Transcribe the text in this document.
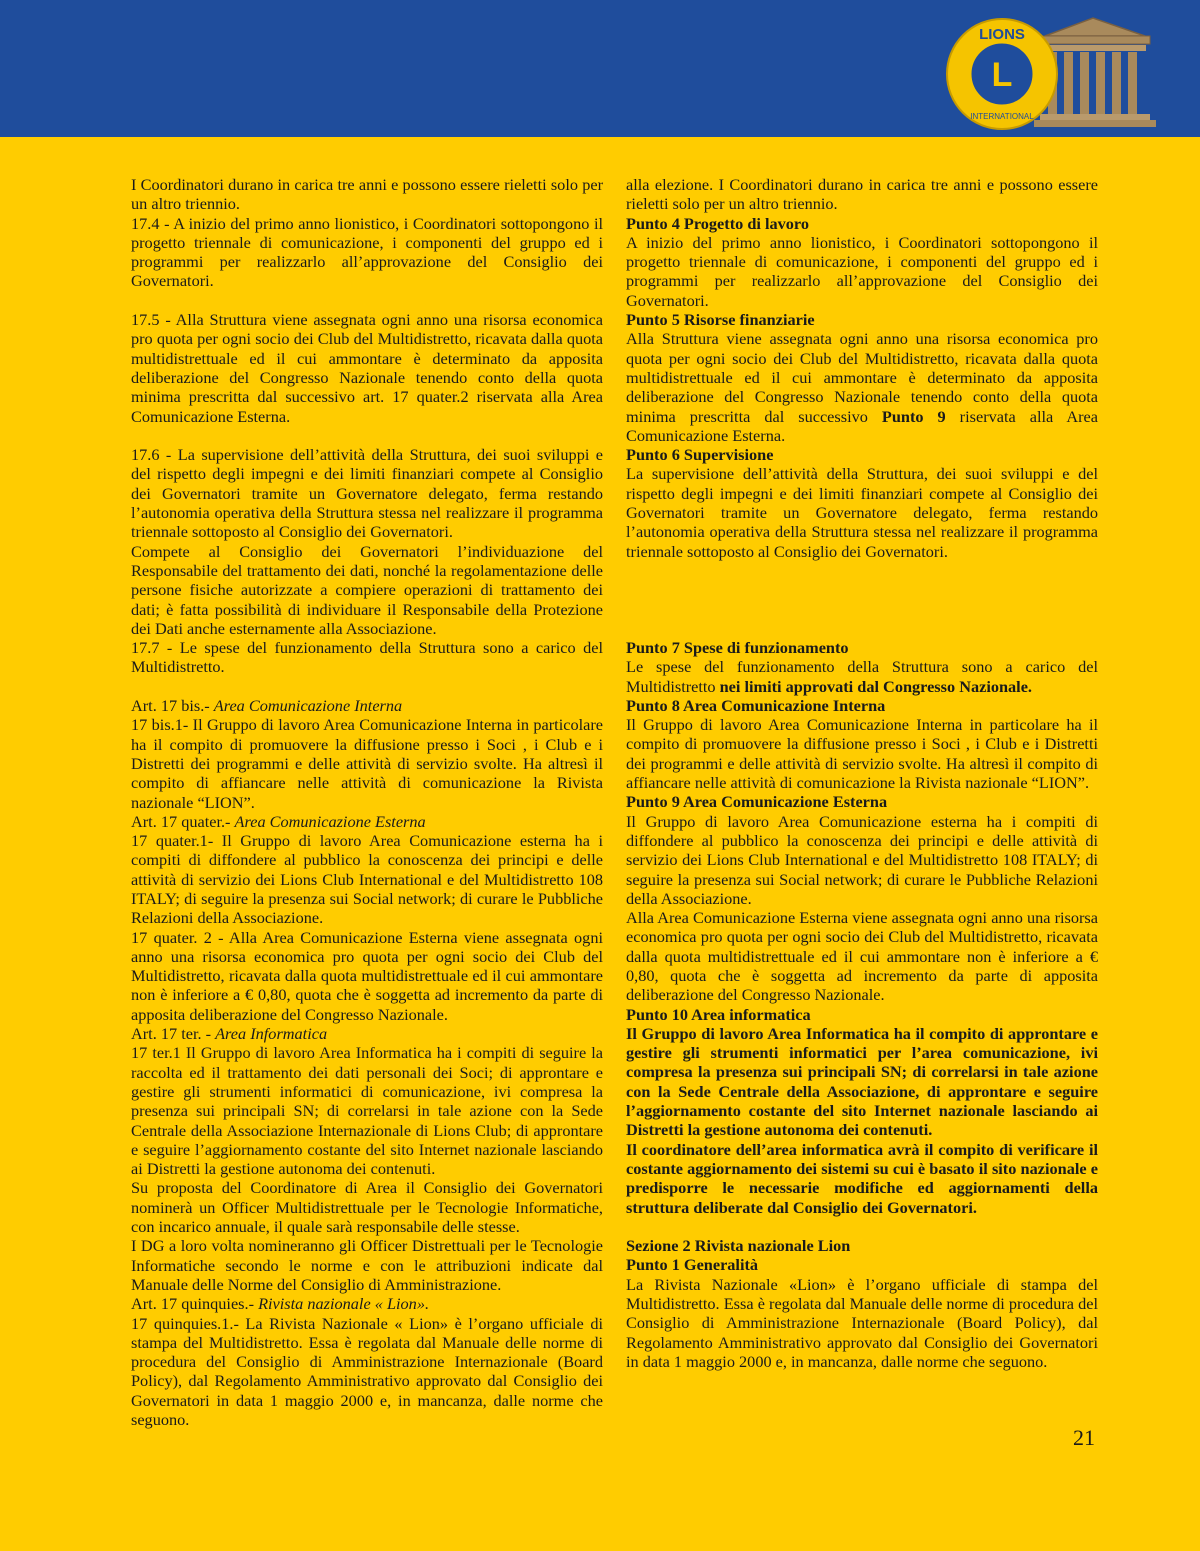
L
LIONS
INTERNATIONAL

I Coordinatori durano in carica tre anni e possono essere rieletti solo per un altro triennio.

17.4 - A inizio del primo anno lionistico, i Coordinatori sottopongono il progetto triennale di comunicazione, i componenti del gruppo ed i programmi per realizzarlo all’approvazione del Consiglio dei Governatori.

17.5 - Alla Struttura viene assegnata ogni anno una risorsa economica pro quota per ogni socio dei Club del Multidistretto, ricavata dalla quota multidistrettuale ed il cui ammontare è determinato da apposita deliberazione del Congresso Nazionale tenendo conto della quota minima prescritta dal successivo art. 17 quater.2 riservata alla Area Comunicazione Esterna.

17.6 - La supervisione dell’attività della Struttura, dei suoi sviluppi e del rispetto degli impegni e dei limiti finanziari compete al Consiglio dei Governatori tramite un Governatore delegato, ferma restando l’autonomia operativa della Struttura stessa nel realizzare il programma triennale sottoposto al Consiglio dei Governatori.

Compete al Consiglio dei Governatori l’individuazione del Responsabile del trattamento dei dati, nonché la regolamentazione delle persone fisiche autorizzate a compiere operazioni di trattamento dei dati; è fatta possibilità di individuare il Responsabile della Protezione dei Dati anche esternamente alla Associazione.

17.7 - Le spese del funzionamento della Struttura sono a carico del Multidistretto.

Art. 17 bis.- Area Comunicazione Interna

17 bis.1- Il Gruppo di lavoro Area Comunicazione Interna in particolare ha il compito di promuovere la diffusione presso i Soci , i Club e i Distretti dei programmi e delle attività di servizio svolte. Ha altresì il compito di affiancare nelle attività di comunicazione la Rivista nazionale “LION”.

Art. 17 quater.- Area Comunicazione Esterna

17 quater.1- Il Gruppo di lavoro Area Comunicazione esterna ha i compiti di diffondere al pubblico la conoscenza dei principi e delle attività di servizio dei Lions Club International e del Multidistretto 108 ITALY; di seguire la presenza sui Social network; di curare le Pubbliche Relazioni della Associazione.

17 quater. 2 - Alla Area Comunicazione Esterna viene assegnata ogni anno una risorsa economica pro quota per ogni socio dei Club del Multidistretto, ricavata dalla quota multidistrettuale ed il cui ammontare non è inferiore a € 0,80, quota che è soggetta ad incremento da parte di apposita deliberazione del Congresso Nazionale.

Art. 17 ter. - Area Informatica

17 ter.1 Il Gruppo di lavoro Area Informatica ha i compiti di seguire la raccolta ed il trattamento dei dati personali dei Soci; di approntare e gestire gli strumenti informatici di comunicazione, ivi compresa la presenza sui principali SN; di correlarsi in tale azione con la Sede Centrale della Associazione Internazionale di Lions Club; di approntare e seguire l’aggiornamento costante del sito Internet nazionale lasciando ai Distretti la gestione autonoma dei contenuti.

Su proposta del Coordinatore di Area il Consiglio dei Governatori nominerà un Officer Multidistrettuale per le Tecnologie Informatiche, con incarico annuale, il quale sarà responsabile delle stesse.

I DG a loro volta nomineranno gli Officer Distrettuali per le Tecnologie Informatiche secondo le norme e con le attribuzioni indicate dal Manuale delle Norme del Consiglio di Amministrazione.

Art. 17 quinquies.- Rivista nazionale « Lion».

17 quinquies.1.- La Rivista Nazionale « Lion» è l’organo ufficiale di stampa del Multidistretto. Essa è regolata dal Manuale delle norme di procedura del Consiglio di Amministrazione Internazionale (Board Policy), dal Regolamento Amministrativo approvato dal Consiglio dei Governatori in data 1 maggio 2000 e, in mancanza, dalle norme che seguono.

alla elezione. I Coordinatori durano in carica tre anni e possono essere rieletti solo per un altro triennio.

Punto 4 Progetto di lavoro

A inizio del primo anno lionistico, i Coordinatori sottopongono il progetto triennale di comunicazione, i componenti del gruppo ed i programmi per realizzarlo all’approvazione del Consiglio dei Governatori.

Punto 5 Risorse finanziarie

Alla Struttura viene assegnata ogni anno una risorsa economica pro quota per ogni socio dei Club del Multidistretto, ricavata dalla quota multidistrettuale ed il cui ammontare è determinato da apposita deliberazione del Congresso Nazionale tenendo conto della quota minima prescritta dal successivo Punto 9 riservata alla Area Comunicazione Esterna.

Punto 6 Supervisione

La supervisione dell’attività della Struttura, dei suoi sviluppi e del rispetto degli impegni e dei limiti finanziari compete al Consiglio dei Governatori tramite un Governatore delegato, ferma restando l’autonomia operativa della Struttura stessa nel realizzare il programma triennale sottoposto al Consiglio dei Governatori.

Punto 7 Spese di funzionamento

Le spese del funzionamento della Struttura sono a carico del Multidistretto nei limiti approvati dal Congresso Nazionale.

Punto 8 Area Comunicazione Interna

Il Gruppo di lavoro Area Comunicazione Interna in particolare ha il compito di promuovere la diffusione presso i Soci , i Club e i Distretti dei programmi e delle attività di servizio svolte. Ha altresì il compito di affiancare nelle attività di comunicazione la Rivista nazionale “LION”.

Punto 9 Area Comunicazione Esterna

Il Gruppo di lavoro Area Comunicazione esterna ha i compiti di diffondere al pubblico la conoscenza dei principi e delle attività di servizio dei Lions Club International e del Multidistretto 108 ITALY; di seguire la presenza sui Social network; di curare le Pubbliche Relazioni della Associazione.

Alla Area Comunicazione Esterna viene assegnata ogni anno una risorsa economica pro quota per ogni socio dei Club del Multidistretto, ricavata dalla quota multidistrettuale ed il cui ammontare non è inferiore a € 0,80, quota che è soggetta ad incremento da parte di apposita deliberazione del Congresso Nazionale.

Punto 10 Area informatica

Il Gruppo di lavoro Area Informatica ha il compito di approntare e gestire gli strumenti informatici per l’area comunicazione, ivi compresa la presenza sui principali SN; di correlarsi in tale azione con la Sede Centrale della Associazione, di approntare e seguire l’aggiornamento costante del sito Internet nazionale lasciando ai Distretti la gestione autonoma dei contenuti.

Il coordinatore dell’area informatica avrà il compito di verificare il costante aggiornamento dei sistemi su cui è basato il sito nazionale e predisporre le necessarie modifiche ed aggiornamenti della struttura deliberate dal Consiglio dei Governatori.

Sezione 2 Rivista nazionale Lion

Punto 1 Generalità

La Rivista Nazionale «Lion» è l’organo ufficiale di stampa del Multidistretto. Essa è regolata dal Manuale delle norme di procedura del Consiglio di Amministrazione Internazionale (Board Policy), dal Regolamento Amministrativo approvato dal Consiglio dei Governatori in data 1 maggio 2000 e, in mancanza, dalle norme che seguono.

21
